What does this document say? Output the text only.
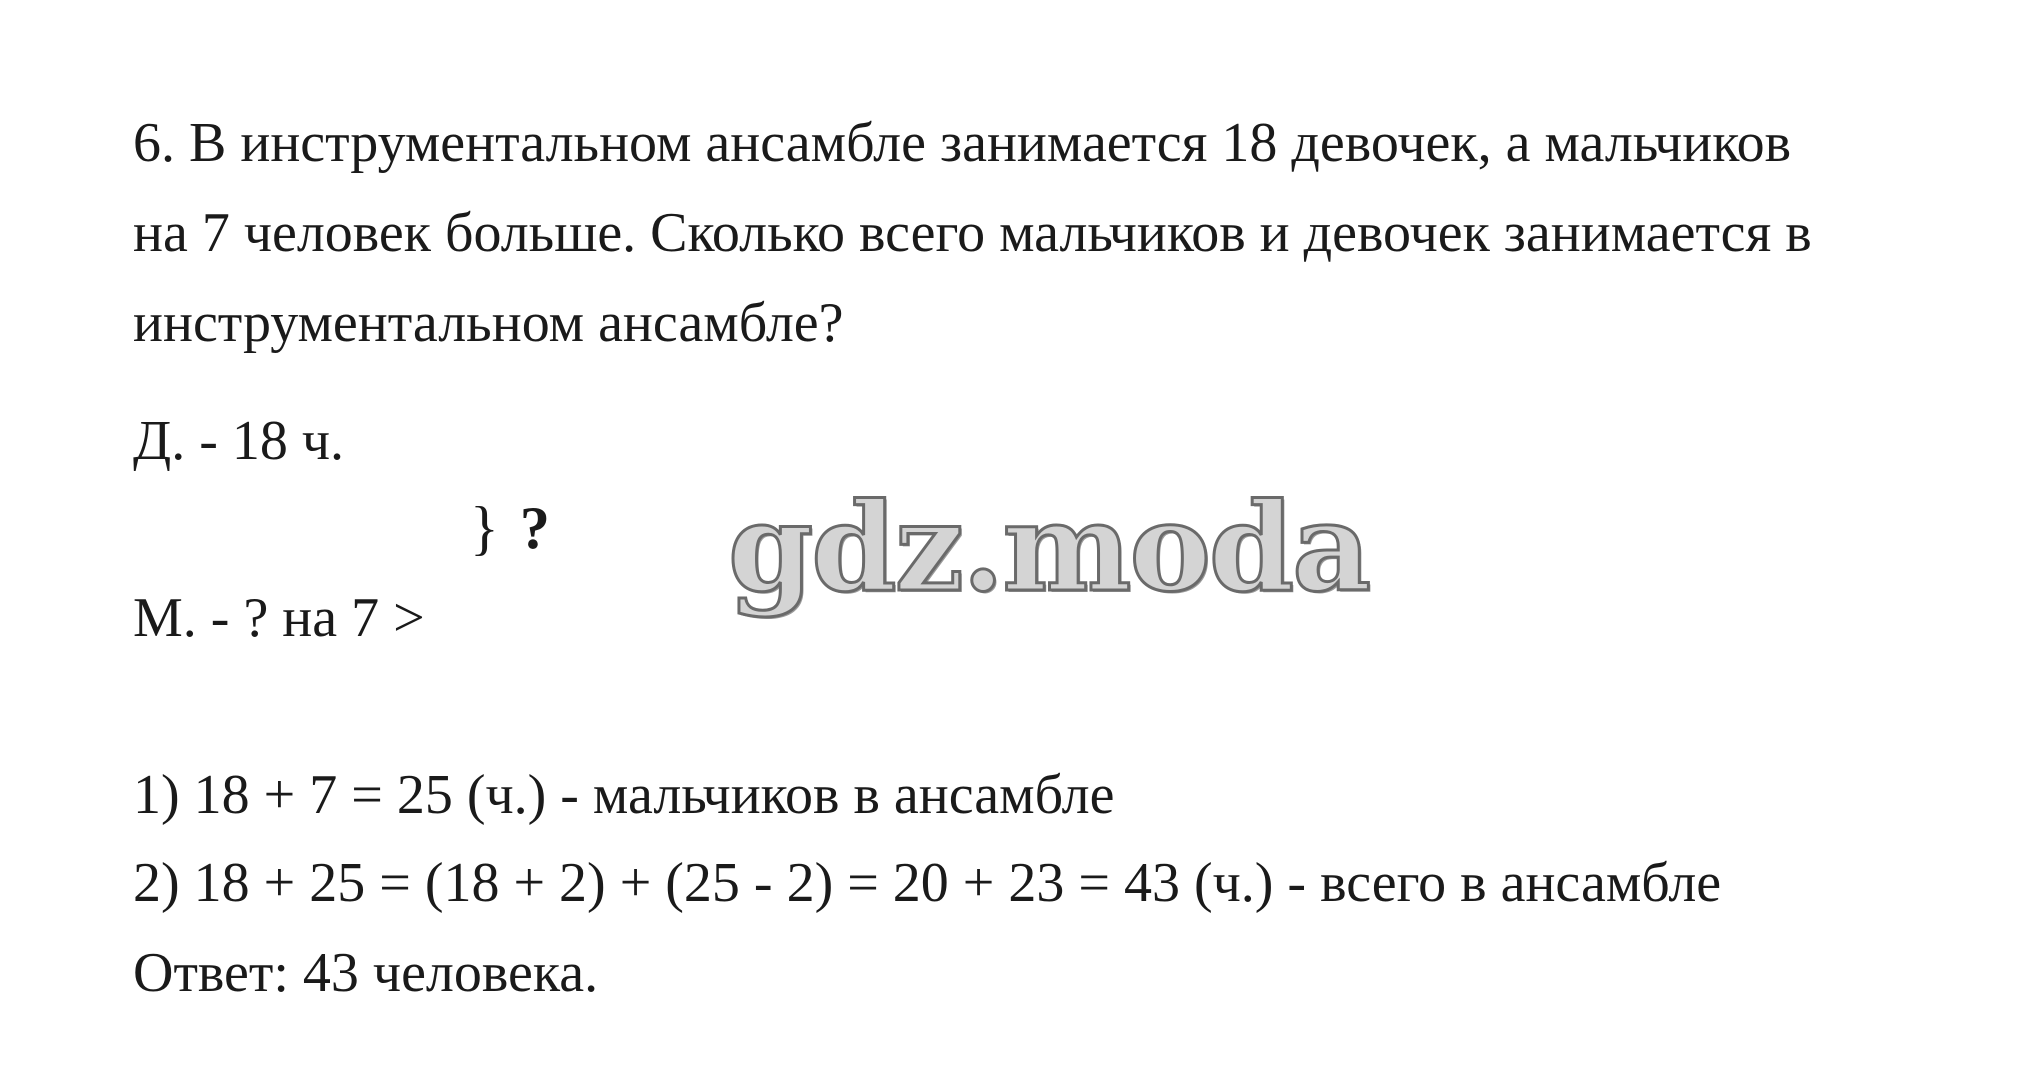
6. В инструментальном ансамбле занимается 18 девочек, а мальчиков
на 7 человек больше. Сколько всего мальчиков и девочек занимается в
инструментальном ансамбле?
Д. - 18 ч.
} ?
М. - ? на 7 >
1) 18 + 7 = 25 (ч.) - мальчиков в ансамбле
2) 18 + 25 = (18 + 2) + (25 - 2) = 20 + 23 = 43 (ч.) - всего в ансамбле
Ответ: 43 человека.
gdz.moda
